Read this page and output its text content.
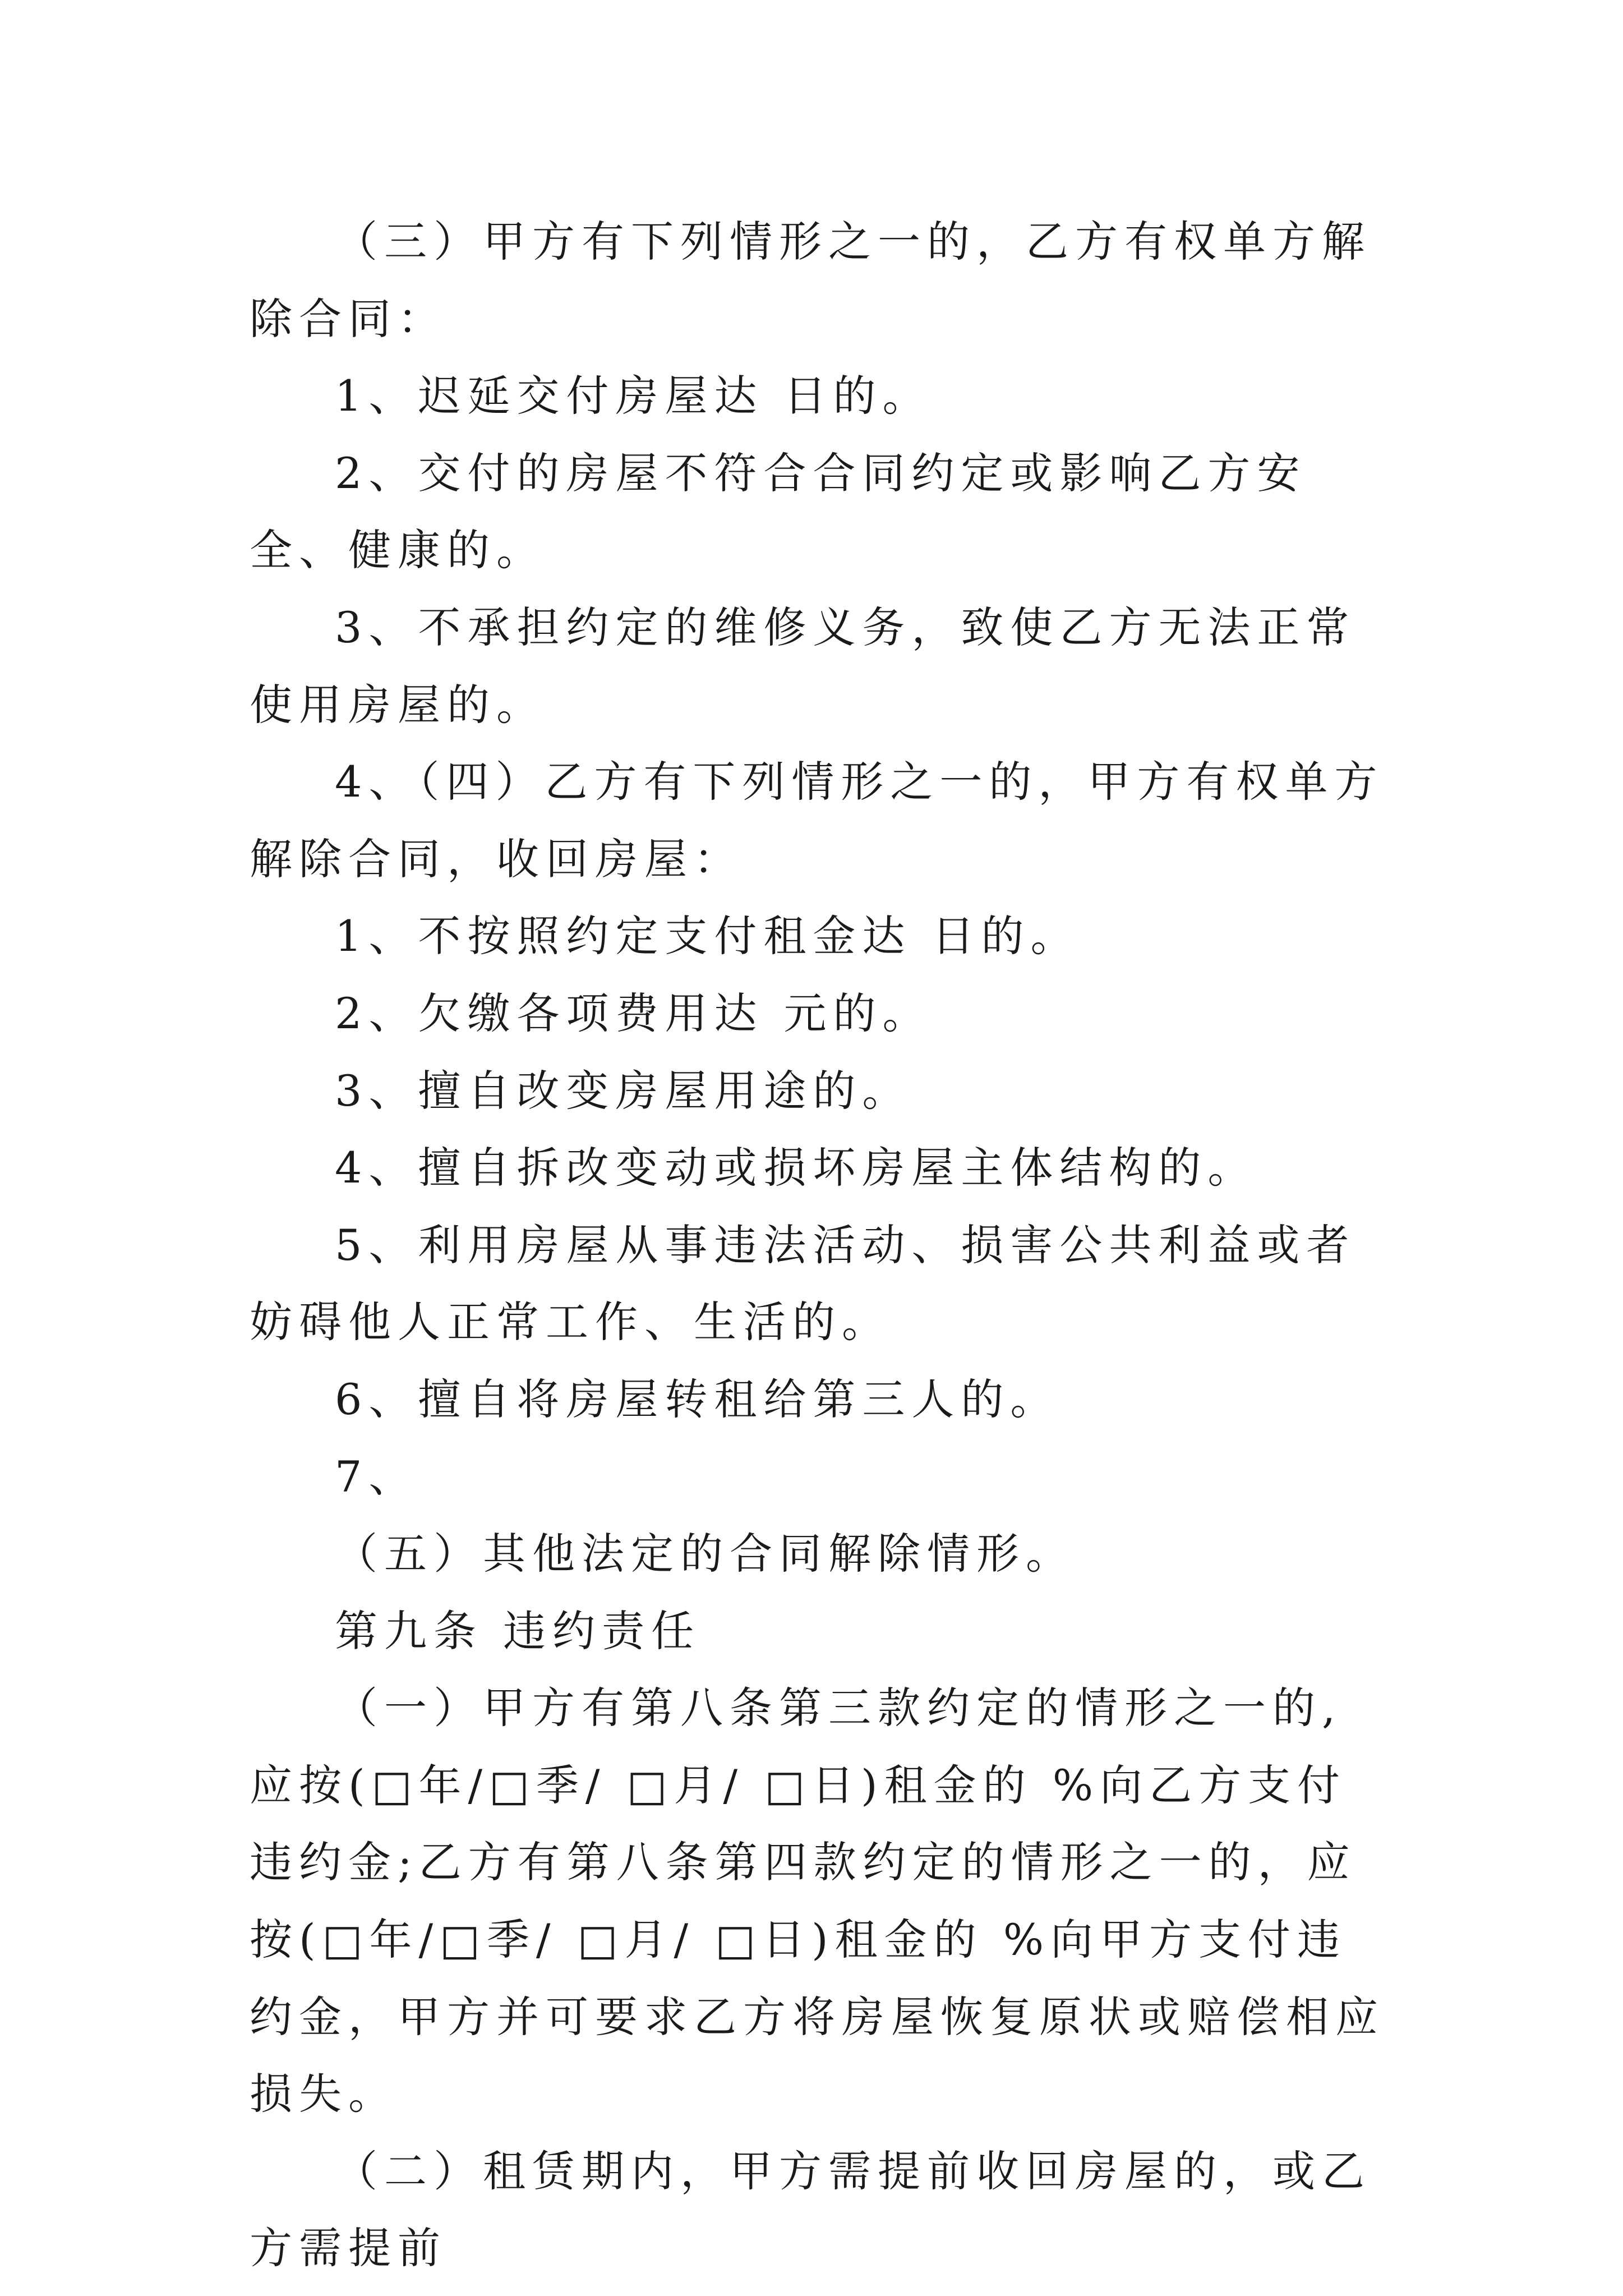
（三）甲方有下列情形之一的，乙方有权单方解除合同：

1、迟延交付房屋达 日的。

2、交付的房屋不符合合同约定或影响乙方安全、健康的。

3、不承担约定的维修义务，致使乙方无法正常使用房屋的。

4、（四）乙方有下列情形之一的，甲方有权单方解除合同，收回房屋：

1、不按照约定支付租金达 日的。

2、欠缴各项费用达 元的。

3、擅自改变房屋用途的。

4、擅自拆改变动或损坏房屋主体结构的。

5、利用房屋从事违法活动、损害公共利益或者妨碍他人正常工作、生活的。

6、擅自将房屋转租给第三人的。

7、

（五）其他法定的合同解除情形。

第九条 违约责任

（一）甲方有第八条第三款约定的情形之一的,应按(□年/□季/ □月/ □日)租金的 %向乙方支付违约金;乙方有第八条第四款约定的情形之一的，应按(□年/□季/ □月/ □日)租金的 %向甲方支付违约金，甲方并可要求乙方将房屋恢复原状或赔偿相应损失。

（二）租赁期内，甲方需提前收回房屋的，或乙方需提前
